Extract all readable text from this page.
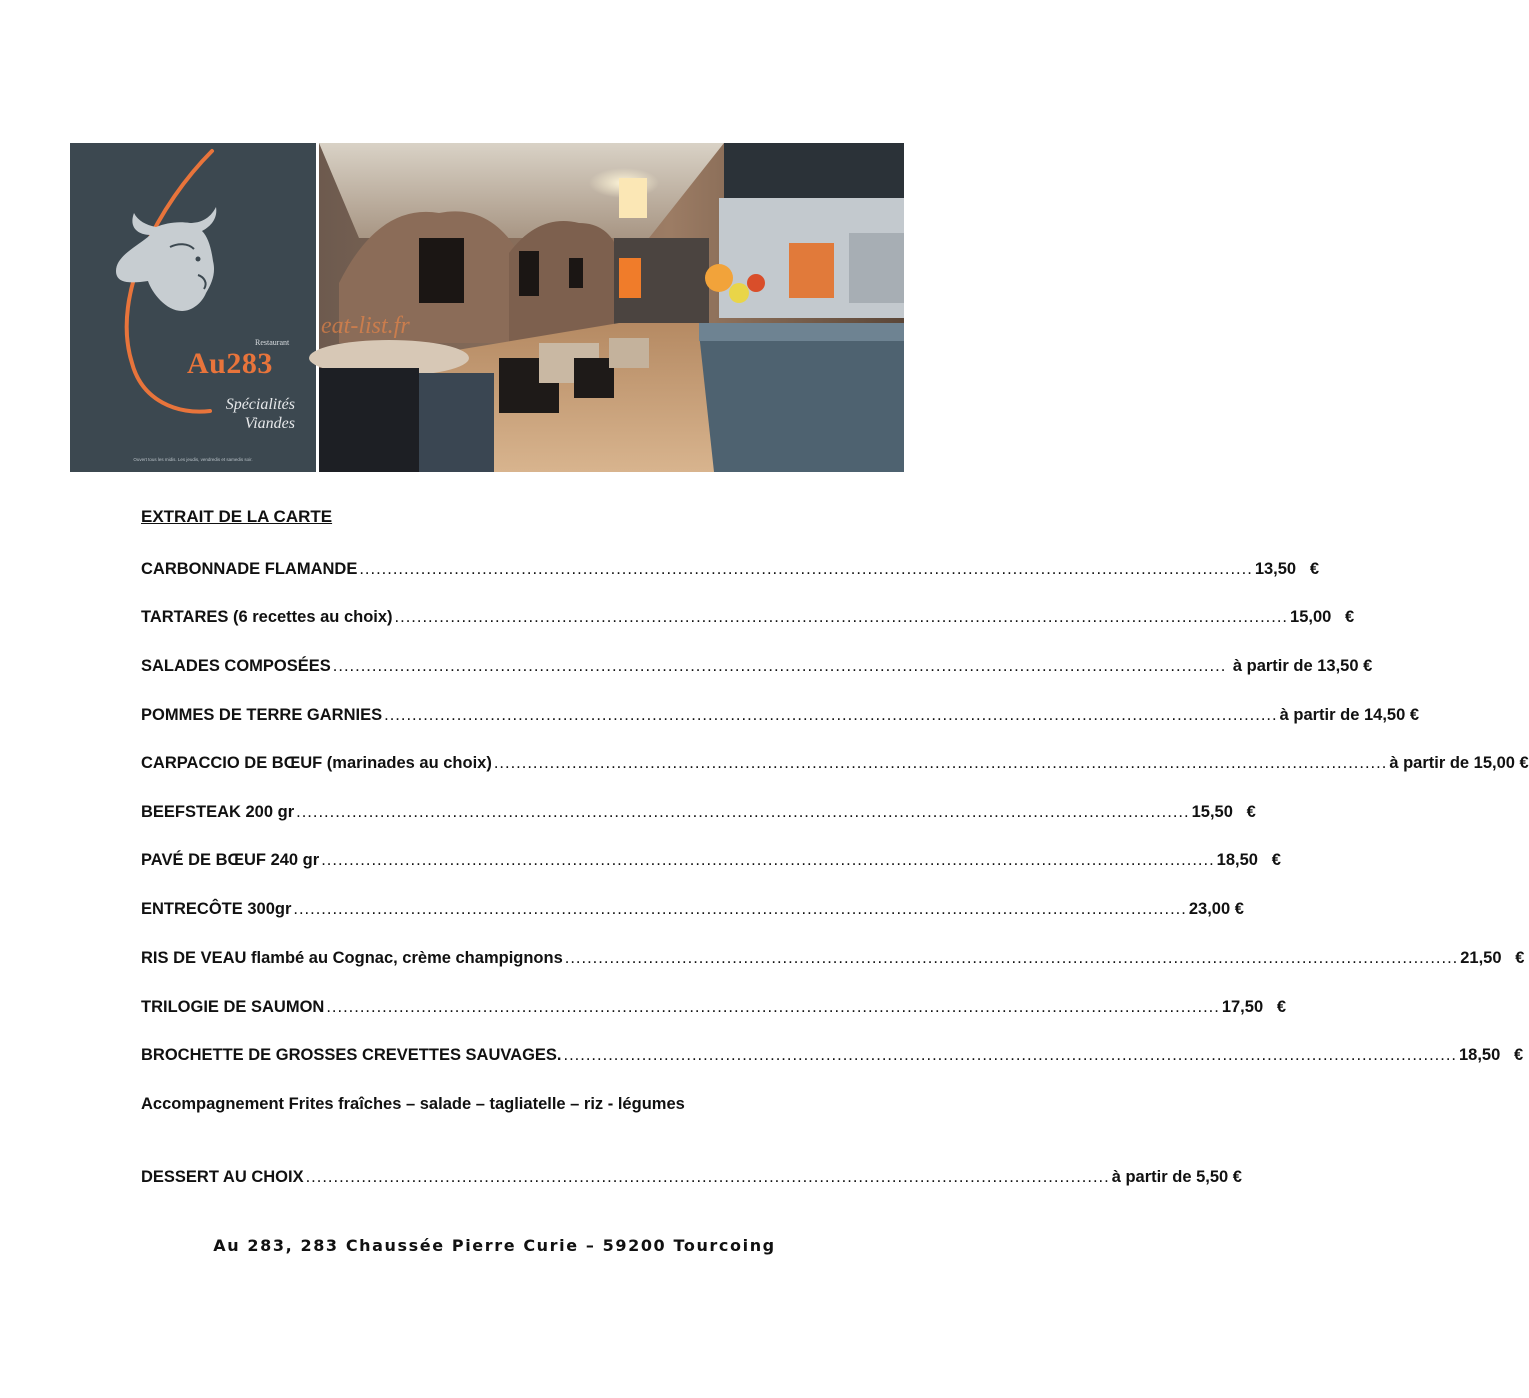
Restaurant
Au283
Spécialités
Viandes
Ouvert tous les midis. Les jeudis, vendredis et samedis soir.
eat-list.fr
EXTRAIT DE LA CARTE
CARBONNADE FLAMANDE ................................................................................................................................................................ 13,50   €
TARTARES (6 recettes au choix) ................................................................................................................................................................ 15,00   €
SALADES COMPOSÉES ................................................................................................................................................................ à partir de 13,50 €
POMMES DE TERRE GARNIES ................................................................................................................................................................ à partir de 14,50 €
CARPACCIO DE BŒUF (marinades au choix) ................................................................................................................................................................ à partir de 15,00 €
BEEFSTEAK 200 gr ................................................................................................................................................................ 15,50   €
PAVÉ DE BŒUF 240 gr ................................................................................................................................................................ 18,50   €
ENTRECÔTE 300gr ................................................................................................................................................................ 23,00 €
RIS DE VEAU flambé au Cognac, crème champignons ................................................................................................................................................................ 21,50   €
TRILOGIE DE SAUMON ................................................................................................................................................................ 17,50   €
BROCHETTE DE GROSSES CREVETTES SAUVAGES. ................................................................................................................................................................ 18,50   €
Accompagnement Frites fraîches – salade – tagliatelle – riz - légumes
DESSERT AU CHOIX ................................................................................................................................................ à partir de 5,50 €
Au 283, 283 Chaussée Pierre Curie – 59200 Tourcoing
